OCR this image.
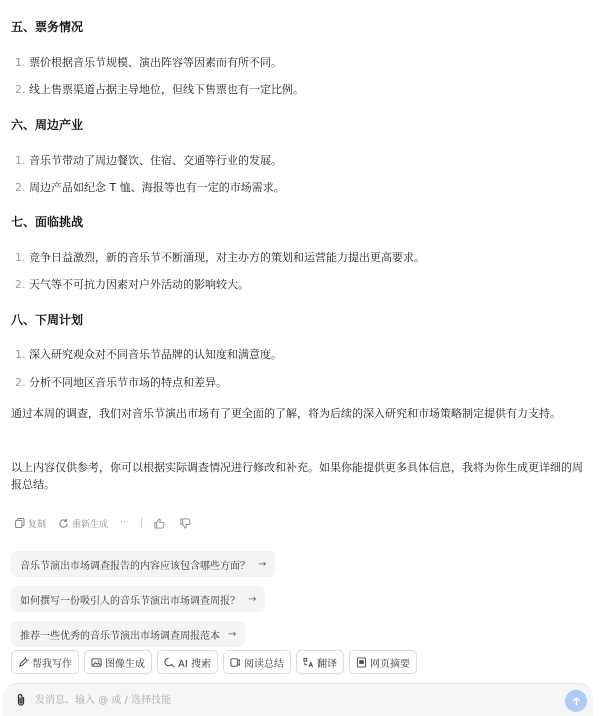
五、票务情况
1. 票价根据音乐节规模、演出阵容等因素而有所不同。
2. 线上售票渠道占据主导地位，但线下售票也有一定比例。
六、周边产业
1. 音乐节带动了周边餐饮、住宿、交通等行业的发展。
2. 周边产品如纪念 T 恤、海报等也有一定的市场需求。
七、面临挑战
1. 竞争日益激烈，新的音乐节不断涌现，对主办方的策划和运营能力提出更高要求。
2. 天气等不可抗力因素对户外活动的影响较大。
八、下周计划
1. 深入研究观众对不同音乐节品牌的认知度和满意度。
2. 分析不同地区音乐节市场的特点和差异。
通过本周的调查，我们对音乐节演出市场有了更全面的了解，将为后续的深入研究和市场策略制定提供有力支持。
以上内容仅供参考，你可以根据实际调查情况进行修改和补充。如果你能提供更多具体信息，我将为你生成更详细的周报总结。
复制	重新生成 ···
音乐节演出市场调查报告的内容应该包含哪些方面？ →
如何撰写一份吸引人的音乐节演出市场调查周报？ →
推荐一些优秀的音乐节演出市场调查周报范本 →
帮我写作	图像生成	AI 搜索	阅读总结	翻译	网页摘要
发消息、输入 @ 或 / 选择技能
